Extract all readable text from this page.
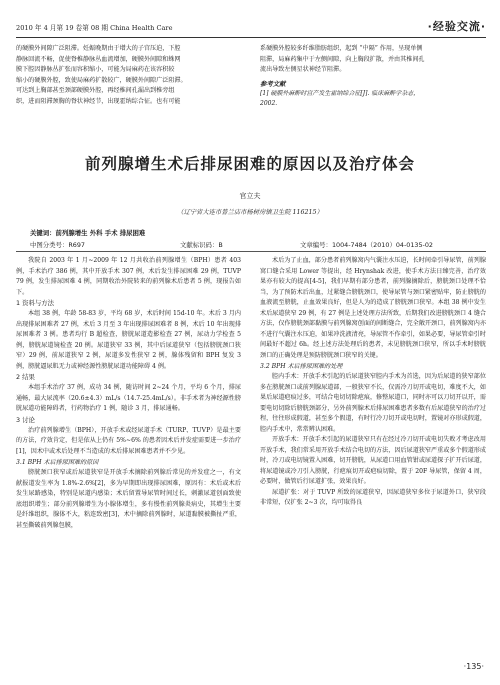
2010 年 4 月第 19 卷第 08 期 China Health Care	·经验交流·
的硬膜外间隙广泛阻滞。妊娠晚期由于增大的子宫压迫，下腔
静脉回流不畅，促使脊椎静脉丛血流增加，硬膜外间隙和蛛网
膜下腔因静脉丛扩张而容积缩小，可能为局麻药在该容积较
缩小的硬膜外腔，致使局麻药扩散较广，硬膜外间隙广泛阻滞。
可达到上胸部甚至颈部硬膜外腔，再经椎间孔漏出到椎旁组
织，进而阻滞颈胸的脊状神经节，出现霍纳综合征。也有可能
系硬膜外腔较多纤维脂肪组织，起到 “中隔” 作用，呈现单侧
阻滞，局麻药集中于左侧间隙，向上胸段扩散，并由其椎间孔
流出导致左侧星状神经节阻滞。
参考文献
[1] 硬膜外麻醉时宫产发生霍纳综合征[J]. 临床麻醉学杂志，
2002.
前列腺增生术后排尿困难的原因以及治疗体会
官立夫
（辽宁省大连市普兰店市杨树房镇卫生院 116215）
关键词：前列腺增生 外科 手术 排尿困难
中图分类号：R697	文献标识码：B	文章编号：1004-7484（2010）04-0135-02

我院自 2003 年 1 月~2009 年 12 月共收治前列腺增生（BPH）患者 403 例，手术治疗 386 例，其中开放手术 307 例，术后发生排尿困难 29 例，TUVP 79 例，发生排尿困难 4 例，同期收治外院转来的前列腺术后患者 5 例，现报告如下。

1 资料与方法

本组 38 例，年龄 58-83 岁，平均 68 岁，术后时间 15d-10 年。术后 3 月内出现排尿困难者 27 例，术后 3 月至 3 年出现排尿困难者 8 例，术后 10 年出现排尿困难者 3 例。患者均行 B 超检查，膀胱尿道造影检查 27 例，尿动力学检查 5 例，膀胱尿道镜检查 20 例。尿道狭窄 33 例，其中后尿道狭窄（包括膀胱颈口狭窄）29 例，前尿道狭窄 2 例，尿道多发性狭窄 2 例，腺体残留和 BPH 复发 3 例，膀胱逼尿肌无力或神经源性膀胱尿道功能障碍 4 例。

2 结果

本组手术治疗 37 例，成功 34 例，随访时间 2~24 个月，平均 6 个月，排尿通畅，最大尿流率（20.6±4.3）mL/s（14.7-25.4mL/s）。非手术者为神经源性膀胱尿道功能障碍者，行药物治疗 1 例，随诊 3 月，排尿通畅。

3 讨论

治疗前列腺增生（BPH），开放手术或经尿道手术（TURP、TUVP）是最主要的方法，疗效肯定，但是依从上仍有 5%~6% 的患者因术后并发症需要进一步治疗[1]，因术中或术后处理不当造成的术后排尿困难患者并不少见。

3.1 BPH 术后排尿困难的原因

膀胱颈口狭窄或后尿道狭窄是开放手术摘除前列腺后常见的并发症之一，有文献报道发生率为 1.8%-2.6%[2]，多为早期即出现排尿困难，原因有：术后或术后发生尿路感染，特别是尿道内感染；术后留置导尿管时间过长，刺激尿道创面致使底组织增生；部分前列腺增生为小腺体增生，多有慢性前列腺炎病史，其增生主要是纤维组织，腺体不大，粘连致密[3]，术中摘除前列腺时，尿道黏膜被撕扯严重，甚至撕破前列腺包膜，

术后为了止血，部分患者前列腺窝内气囊注水压迫，长时间牵引导尿管，前列腺窝口缝合采用 Lower 等提出，经 Hrynshak 改进，使手术方法日臻完善，治疗效果亦有较大的提高[4-5]，我们早期有部分患者，前列腺摘除后，膀胱颈口处理不恰当，为了预防术后出血，过紧缝合膀胱颈口，使导尿管与颈口紧密贴牢，防止膀胱的血液流至膀胱，止血效果良好，但是人为的造成了膀胱颈口狭窄。本组 38 例中发生术后尿道狭窄 29 例，有 27 例是上述处理方法所致，后期我们改进膀胱颈口 4 缝合方法，仅作膀胱颈部黏膜与前列腺窝创面的间断缝合，完全敞开颈口，前列腺窝内亦不进行气囊注水压迫，如果冲洗液清亮，导尿管不作牵引，如果必要，导尿管牵引时间最好不超过 6h。经上述方法处理后的患者，未见膀胱颈口狭窄，所以手术时膀胱颈口的正确处理是预防膀胱颈口狭窄的关键。

3.2 BPH 术后排尿困难的处理

腔内手术：开放手术引起的后尿道狭窄腔内手术为首选，因为后尿道的狭窄部位多在膀胱颈口或前列腺尿道部，一般狭窄不长，仅需冷刀切开或电切，难度不大，如果后尿道疤痕过多，可结合电切切除疤痕，修整尿道口，同时亦可以刀切开以开，需要电切切除后膀胱颈部分，另外前列腺术后排尿困难患者多数有后尿道狭窄的治疗过程，往往形成假道，甚至多个假道，有时行冷刀切开或电切时，置镜对亦形成假道，腔内手术中，常常辨认困难。

开放手术：开放手术引起的尿道狭窄只有在经过冷刀切开或电切失败才考虑改用开放手术，我们常采用开放手术结合电切的方法，因后尿道狭窄严重或多个假道形成时，冷刀或电切镜置入困难，切开膀胱，从尿道口用血管钳或尿道探子扩开后尿道，将尿道镜或冷刀引入膀胱，行疤痕切开或疤痕切除，置于 20F 导尿管，保留 4 周，必要时，做管后行尿道扩张，效果良好。

尿道扩张：对于 TUVP 所致的尿道狭窄，因尿道狭窄多位于尿道外口，狭窄段非常短，仅扩张 2~3 次，均可取得良

·135·
